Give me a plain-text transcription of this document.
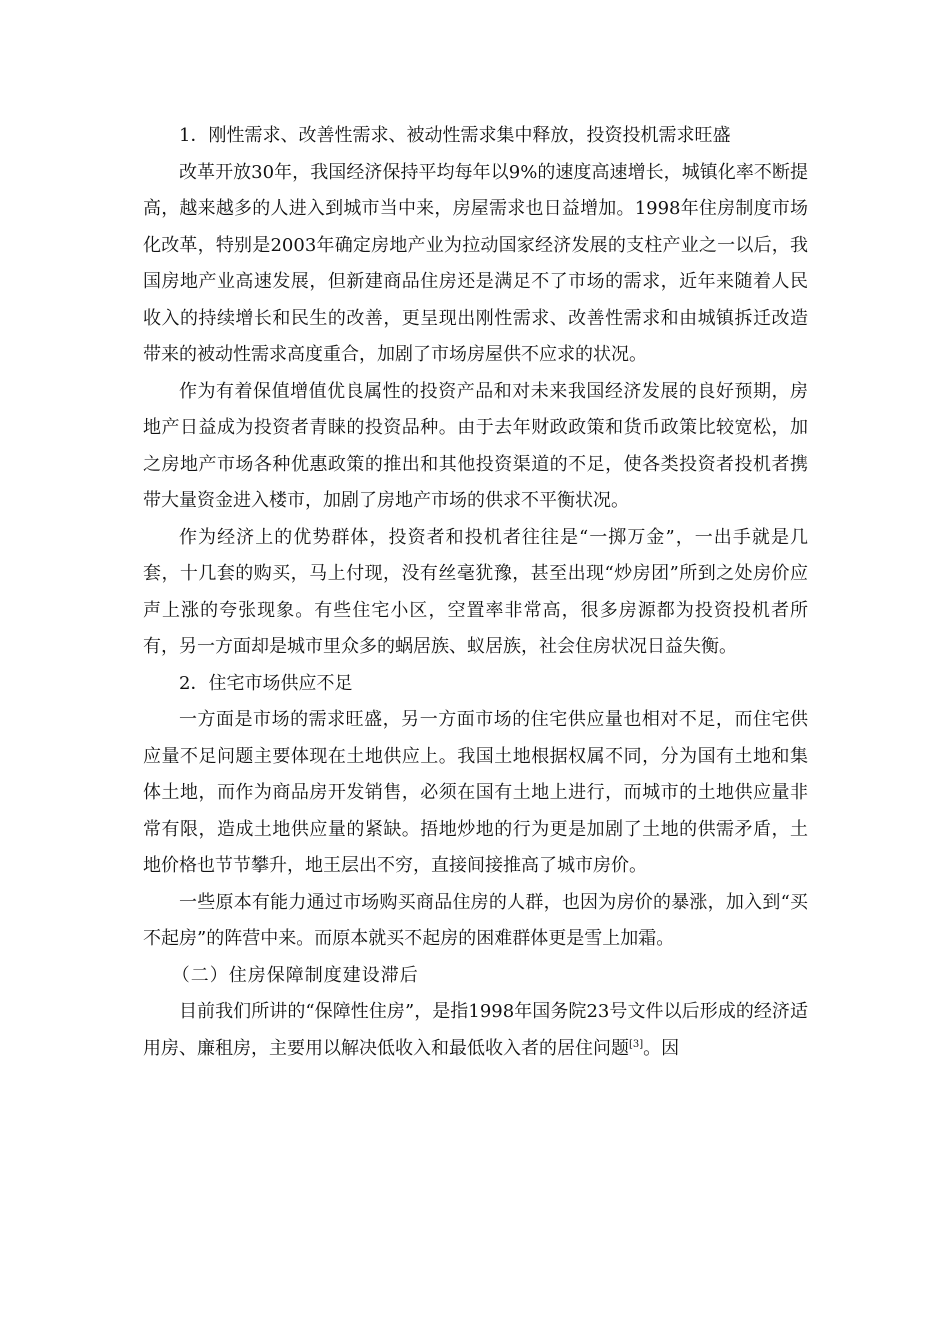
1．刚性需求、改善性需求、被动性需求集中释放，投资投机需求旺盛

改革开放30年，我国经济保持平均每年以9%的速度高速增长，城镇化率不断提高，越来越多的人进入到城市当中来，房屋需求也日益增加。1998年住房制度市场化改革，特别是2003年确定房地产业为拉动国家经济发展的支柱产业之一以后，我国房地产业高速发展，但新建商品住房还是满足不了市场的需求，近年来随着人民收入的持续增长和民生的改善，更呈现出刚性需求、改善性需求和由城镇拆迁改造带来的被动性需求高度重合，加剧了市场房屋供不应求的状况。

作为有着保值增值优良属性的投资产品和对未来我国经济发展的良好预期，房地产日益成为投资者青睐的投资品种。由于去年财政政策和货币政策比较宽松，加之房地产市场各种优惠政策的推出和其他投资渠道的不足，使各类投资者投机者携带大量资金进入楼市，加剧了房地产市场的供求不平衡状况。

作为经济上的优势群体，投资者和投机者往往是“一掷万金”，一出手就是几套，十几套的购买，马上付现，没有丝毫犹豫，甚至出现“炒房团”所到之处房价应声上涨的夸张现象。有些住宅小区，空置率非常高，很多房源都为投资投机者所有，另一方面却是城市里众多的蜗居族、蚁居族，社会住房状况日益失衡。

2．住宅市场供应不足

一方面是市场的需求旺盛，另一方面市场的住宅供应量也相对不足，而住宅供应量不足问题主要体现在土地供应上。我国土地根据权属不同，分为国有土地和集体土地，而作为商品房开发销售，必须在国有土地上进行，而城市的土地供应量非常有限，造成土地供应量的紧缺。捂地炒地的行为更是加剧了土地的供需矛盾，土地价格也节节攀升，地王层出不穷，直接间接推高了城市房价。

一些原本有能力通过市场购买商品住房的人群，也因为房价的暴涨，加入到“买不起房”的阵营中来。而原本就买不起房的困难群体更是雪上加霜。

（二）住房保障制度建设滞后

目前我们所讲的“保障性住房”，是指1998年国务院23号文件以后形成的经济适用房、廉租房，主要用以解决低收入和最低收入者的居住问题[3]。因
